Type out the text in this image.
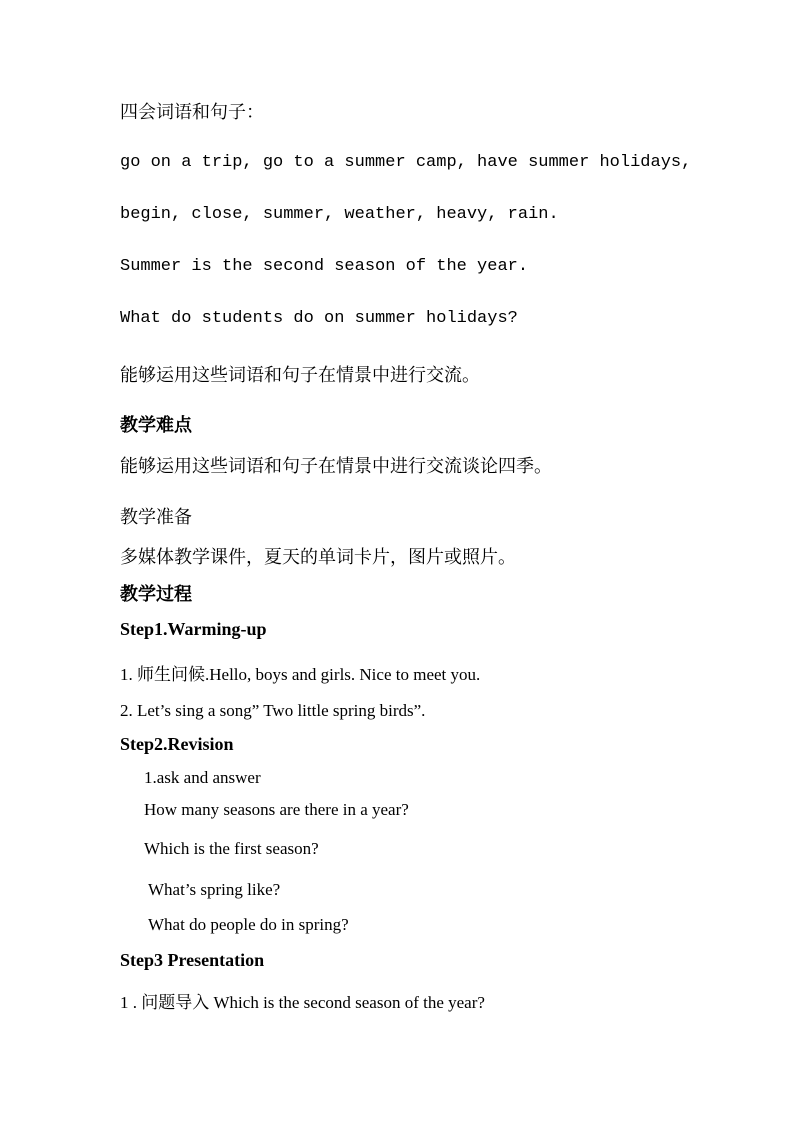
四会词语和句子：

go on a trip, go to a summer camp, have summer holidays,

begin, close, summer, weather, heavy, rain.

Summer is the second season of the year.

What do students do on summer holidays?

能够运用这些词语和句子在情景中进行交流。

教学难点

能够运用这些词语和句子在情景中进行交流谈论四季。

教学准备

多媒体教学课件，夏天的单词卡片，图片或照片。

教学过程

Step1.Warming-up

1. 师生问候.Hello, boys and girls. Nice to meet you.

2. Let’s sing a song” Two little spring birds”.

Step2.Revision

1.ask and answer

How many seasons are there in a year?

Which is the first season?

What’s spring like?

What do people do in spring?

Step3 Presentation

1 . 问题导入 Which is the second season of the year?
